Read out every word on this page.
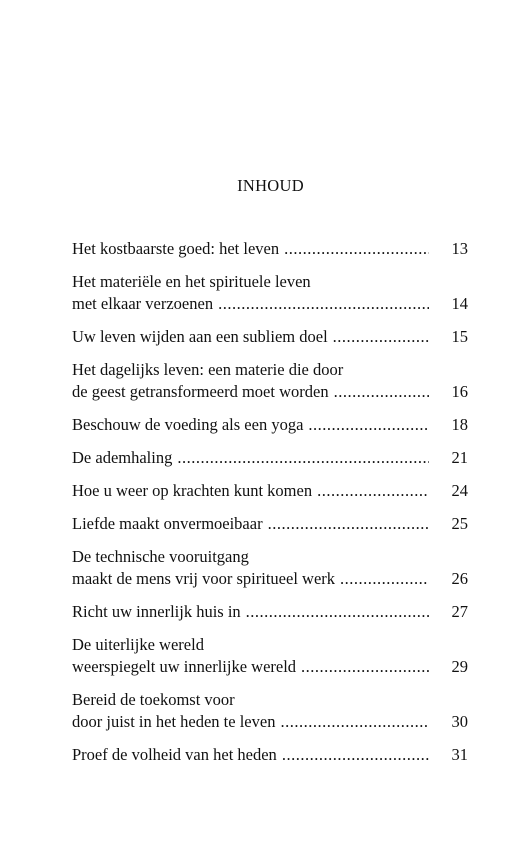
INHOUD
Het kostbaarste goed: het leven .....	13
Het materiële en het spirituele leven
met elkaar verzoenen .....	14
Uw leven wijden aan een subliem doel .....	15
Het dagelijks leven: een materie die door
de geest getransformeerd moet worden .....	16
Beschouw de voeding als een yoga .....	18
De ademhaling .....	21
Hoe u weer op krachten kunt komen .....	24
Liefde maakt onvermoeibaar .....	25
De technische vooruitgang
maakt de mens vrij voor spiritueel werk .....	26
Richt uw innerlijk huis in .....	27
De uiterlijke wereld
weerspiegelt uw innerlijke wereld .....	29
Bereid de toekomst voor
door juist in het heden te leven .....	30
Proef de volheid van het heden .....	31
